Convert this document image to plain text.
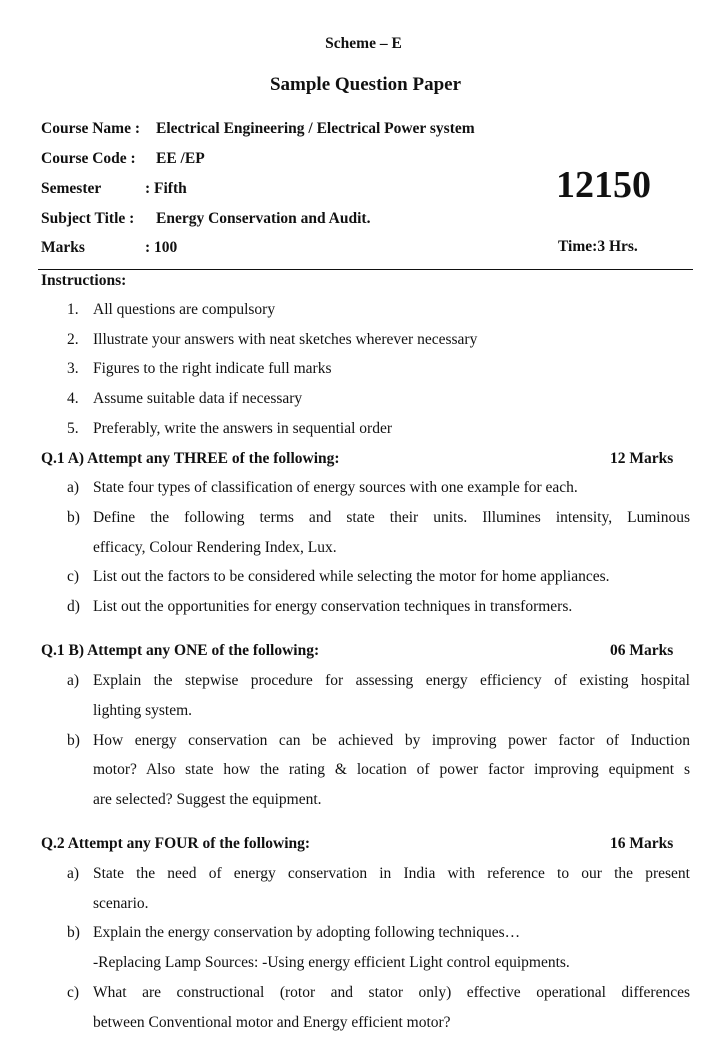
Scheme – E
Sample Question Paper
Course Name : Electrical Engineering / Electrical Power system
Course Code : EE /EP
Semester	: Fifth
Subject Title : Energy Conservation and Audit.
Marks	: 100
12150
Time:3 Hrs.
Instructions:
1. All questions are compulsory
2. Illustrate your answers with neat sketches wherever necessary
3. Figures to the right indicate full marks
4. Assume suitable data if necessary
5. Preferably, write the answers in sequential order
Q.1 A) Attempt any THREE of the following:	12 Marks
a) State four types of classification of energy sources with one example for each.
b) Define the following terms and state their units. Illumines intensity, Luminous
efficacy, Colour Rendering Index, Lux.
c) List out the factors to be considered while selecting the motor for home appliances.
d) List out the opportunities for energy conservation techniques in transformers.
Q.1 B) Attempt any ONE of the following:	06 Marks
a) Explain the stepwise procedure for assessing energy efficiency of existing hospital
lighting system.
b) How energy conservation can be achieved by improving power factor of Induction
motor? Also state how the rating & location of power factor improving equipment s
are selected? Suggest the equipment.
Q.2 Attempt any FOUR of the following:	16 Marks
a) State the need of energy conservation in India with reference to our the present
scenario.
b) Explain the energy conservation by adopting following techniques…
-Replacing Lamp Sources: -Using energy efficient Light control equipments.
c) What are constructional (rotor and stator only) effective operational differences
between Conventional motor and Energy efficient motor?
